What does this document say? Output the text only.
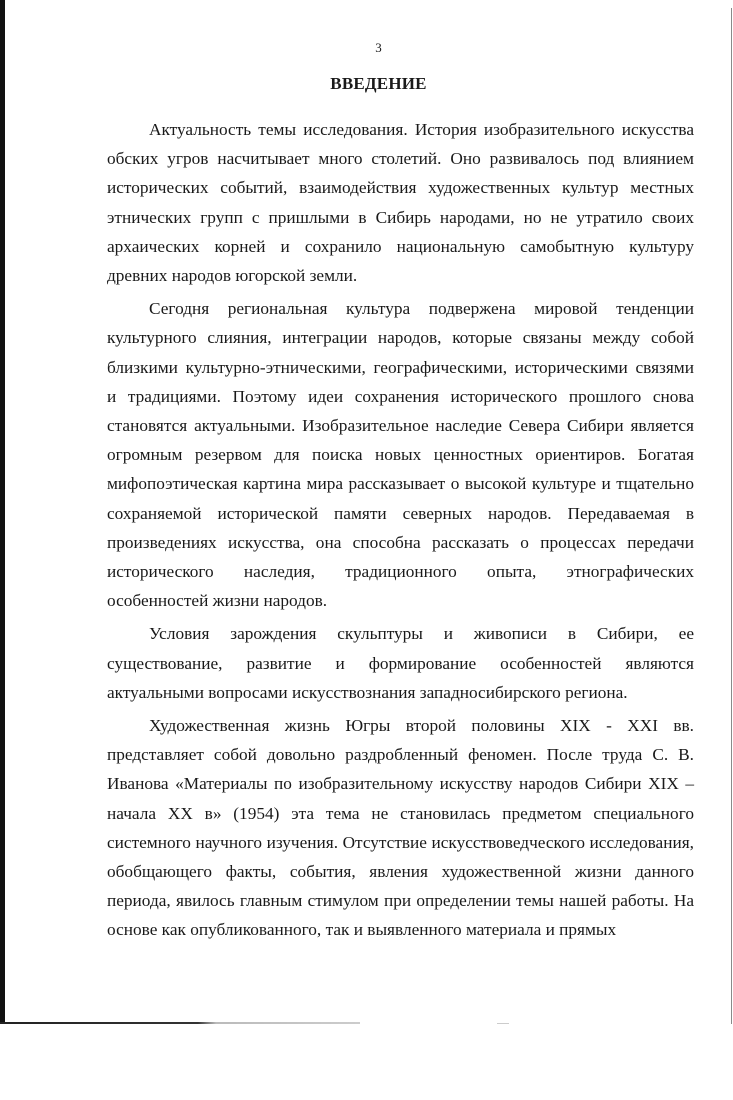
3
ВВЕДЕНИЕ

Актуальность темы исследования. История изобразительного искусства обских угров насчитывает много столетий. Оно развивалось под влиянием исторических событий, взаимодействия художественных культур местных этнических групп с пришлыми в Сибирь народами, но не утратило своих архаических корней и сохранило национальную самобытную культуру древних народов югорской земли.

Сегодня региональная культура подвержена мировой тенденции культурного слияния, интеграции народов, которые связаны между собой близкими культурно-этническими, географическими, историческими связями и традициями. Поэтому идеи сохранения исторического прошлого снова становятся актуальными. Изобразительное наследие Севера Сибири является огромным резервом для поиска новых ценностных ориентиров. Богатая мифопоэтическая картина мира рассказывает о высокой культуре и тщательно сохраняемой исторической памяти северных народов. Передаваемая в произведениях искусства, она способна рассказать о процессах передачи исторического наследия, традиционного опыта, этнографических особенностей жизни народов.

Условия зарождения скульптуры и живописи в Сибири, ее существование, развитие и формирование особенностей являются актуальными вопросами искусствознания западносибирского региона.

Художественная жизнь Югры второй половины XIX - XXI вв. представляет собой довольно раздробленный феномен. После труда С. В. Иванова «Материалы по изобразительному искусству народов Сибири XIX – начала XX в» (1954) эта тема не становилась предметом специального системного научного изучения. Отсутствие искусствоведческого исследования, обобщающего факты, события, явления художественной жизни данного периода, явилось главным стимулом при определении темы нашей работы. На основе как опубликованного, так и выявленного материала и прямых
